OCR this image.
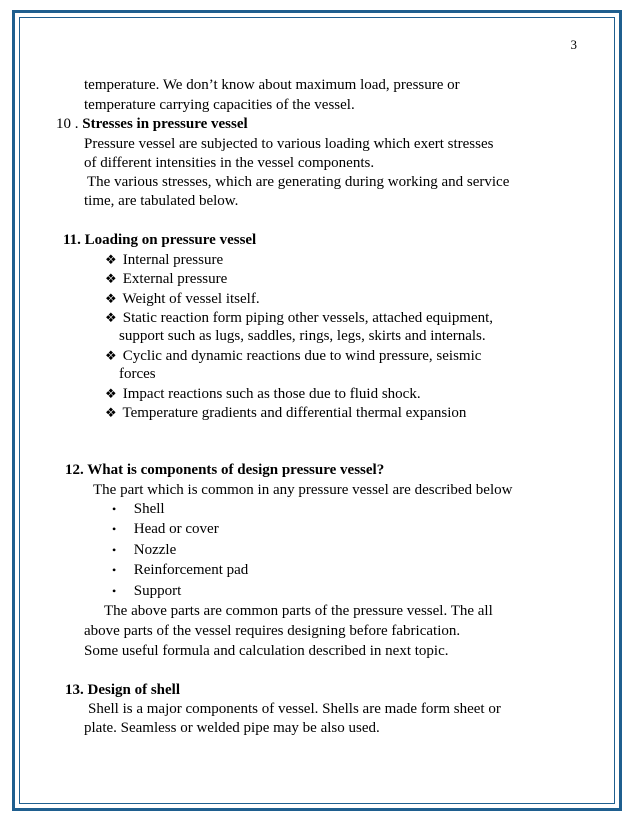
3
temperature. We don’t know about maximum load, pressure or
temperature carrying capacities of the vessel.
10 . Stresses in pressure vessel
Pressure vessel are subjected to various loading which exert stresses
of different intensities in the vessel components.
The various stresses, which are generating during working and service
time, are tabulated below.
11. Loading on pressure vessel
❖ Internal pressure
❖ External pressure
❖ Weight of vessel itself.
❖ Static reaction form piping other vessels, attached equipment,
support such as lugs, saddles, rings, legs, skirts and internals.
❖ Cyclic and dynamic reactions due to wind pressure, seismic
forces
❖ Impact reactions such as those due to fluid shock.
❖ Temperature gradients and differential thermal expansion
12. What is components of design pressure vessel?
The part which is common in any pressure vessel are described below
• Shell
• Head or cover
• Nozzle
• Reinforcement pad
• Support
The above parts are common parts of the pressure vessel. The all
above parts of the vessel requires designing before fabrication.
Some useful formula and calculation described in next topic.
13. Design of shell
Shell is a major components of vessel. Shells are made form sheet or
plate. Seamless or welded pipe may be also used.
